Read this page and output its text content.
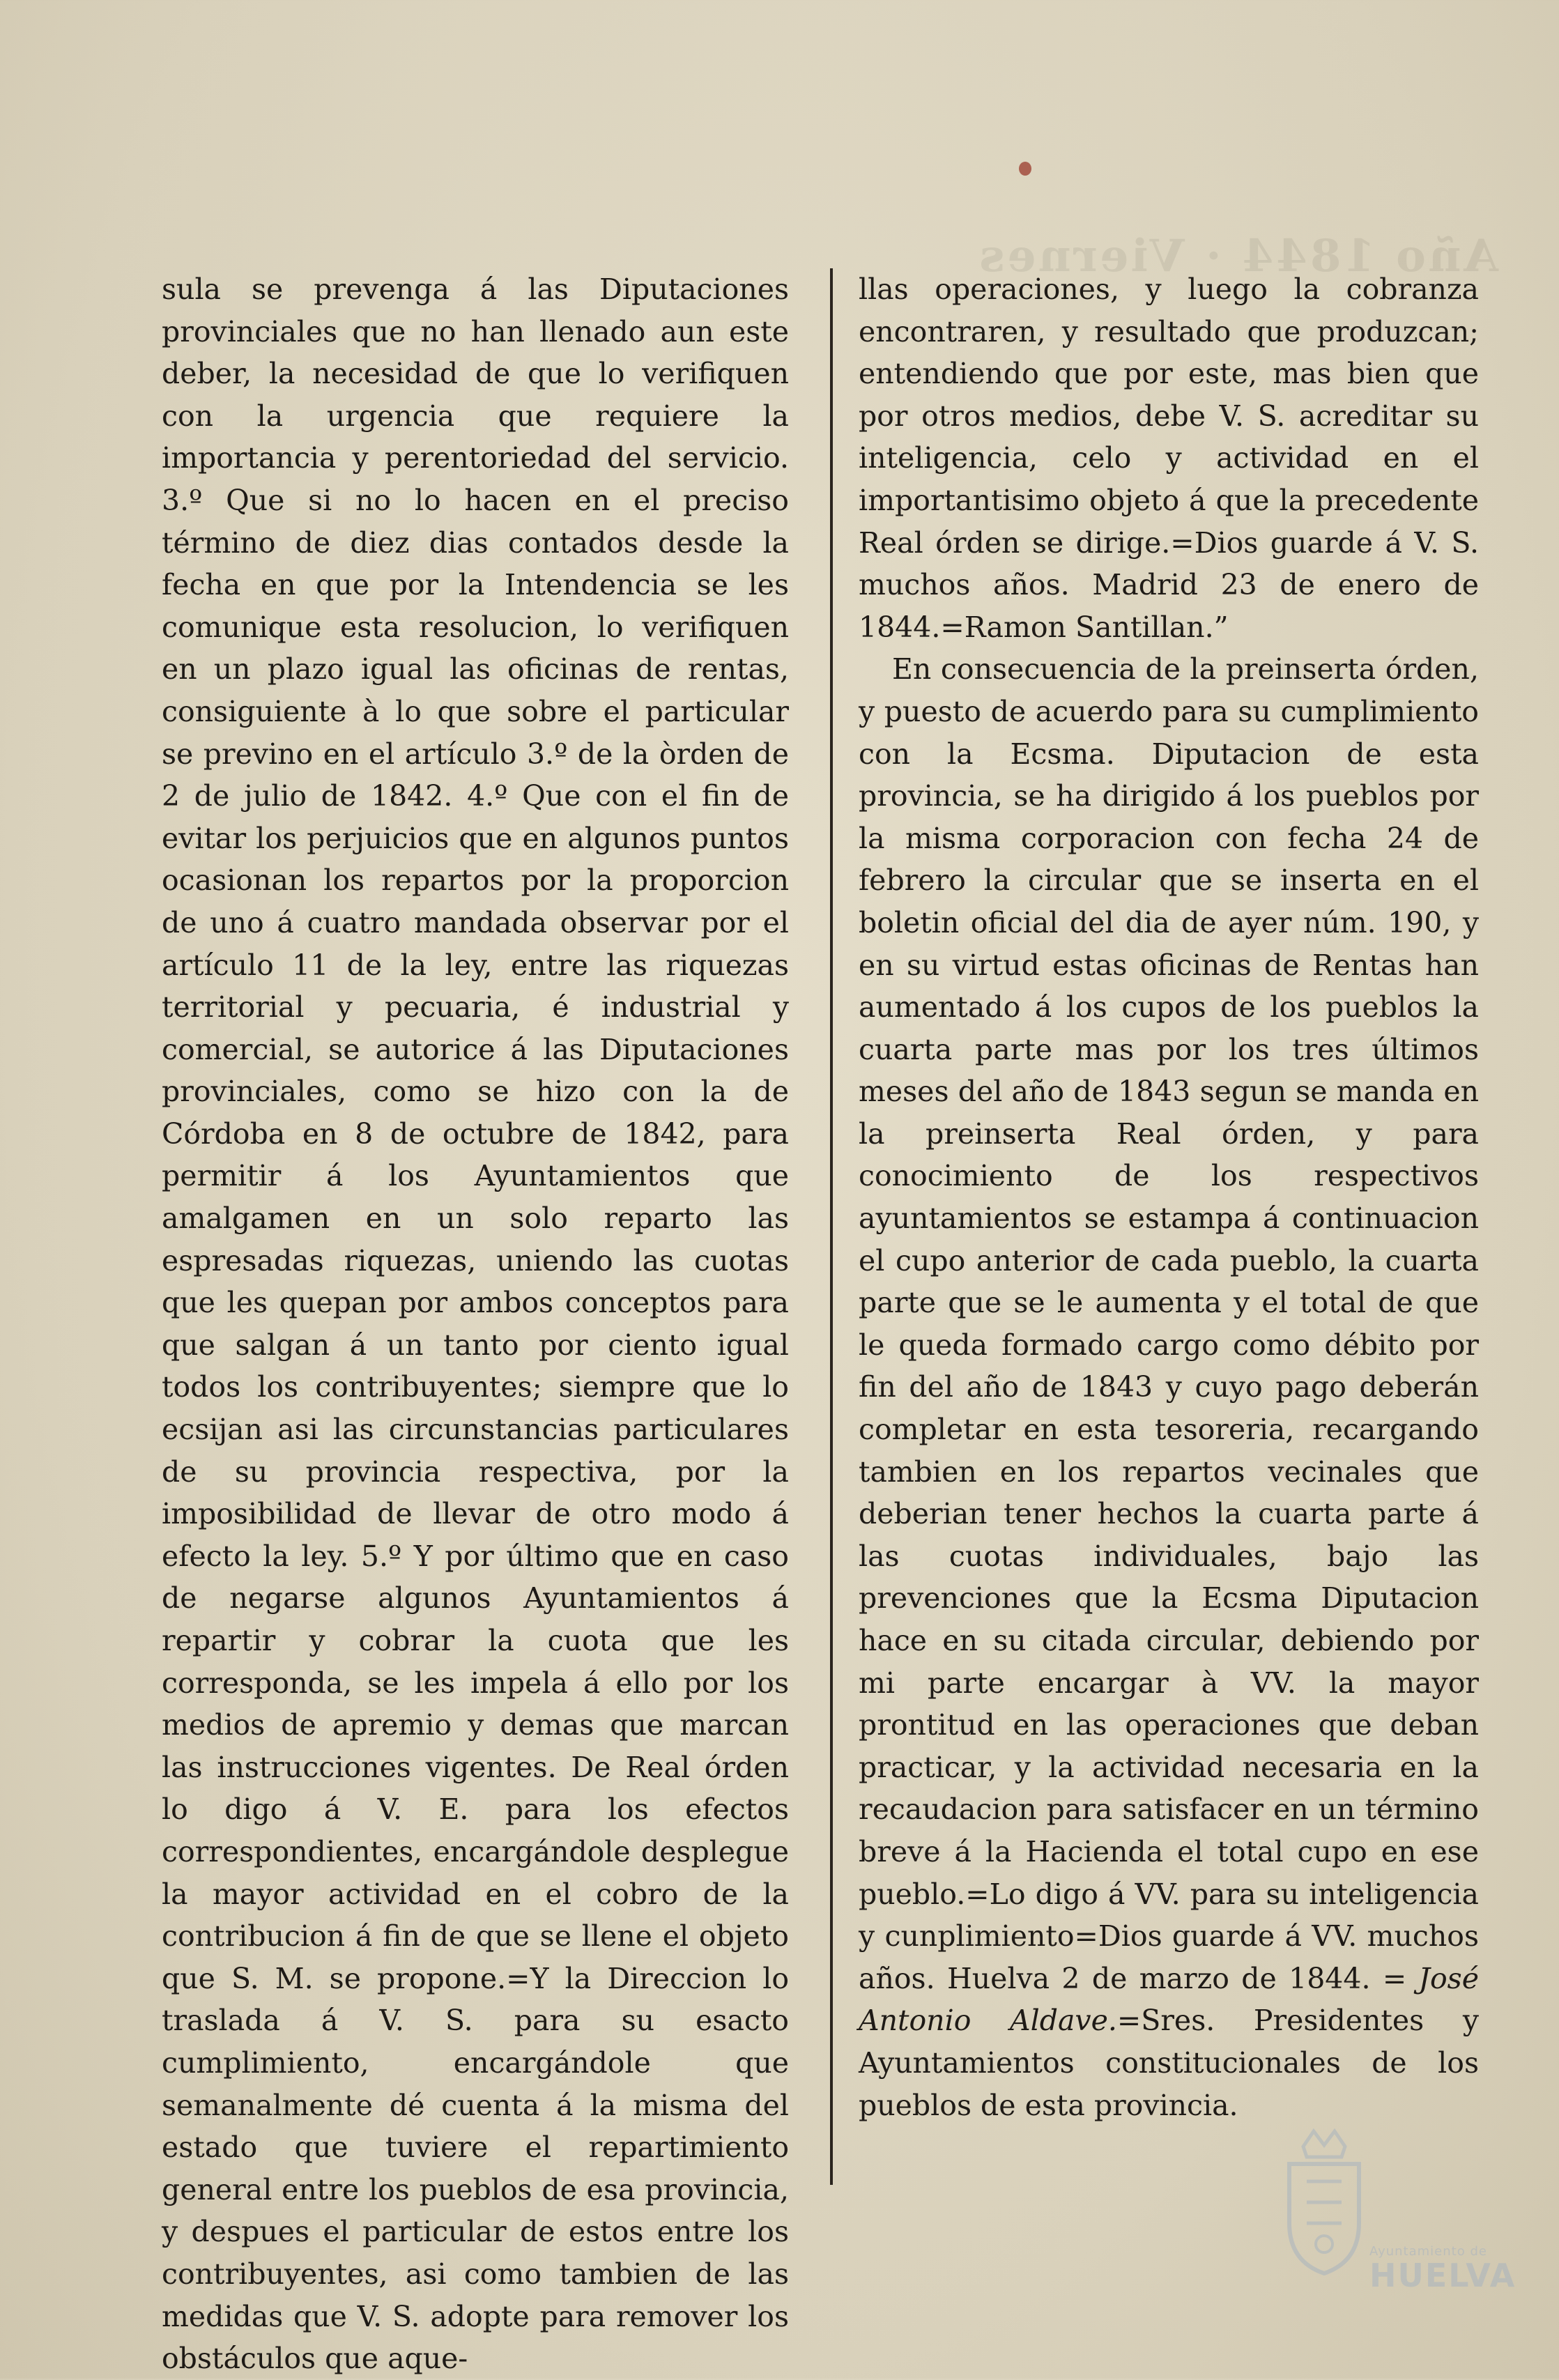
Año 1844 · Viernes

sula se prevenga á las Diputaciones provinciales que no han llenado aun este deber, la necesidad de que lo verifiquen con la urgencia que requiere la importancia y perentoriedad del servicio. 3.º Que si no lo hacen en el preciso término de diez dias contados desde la fecha en que por la Intendencia se les comunique esta resolucion, lo verifiquen en un plazo igual las oficinas de rentas, consiguiente à lo que sobre el particular se previno en el artículo 3.º de la òrden de 2 de julio de 1842. 4.º Que con el fin de evitar los perjuicios que en algunos puntos ocasionan los repartos por la proporcion de uno á cuatro mandada observar por el artículo 11 de la ley, entre las riquezas territorial y pecuaria, é industrial y comercial, se autorice á las Diputaciones provinciales, como se hizo con la de Córdoba en 8 de octubre de 1842, para permitir á los Ayuntamientos que amalgamen en un solo reparto las espresadas riquezas, uniendo las cuotas que les quepan por ambos conceptos para que salgan á un tanto por ciento igual todos los contribuyentes; siempre que lo ecsijan asi las circunstancias particulares de su provincia respectiva, por la imposibilidad de llevar de otro modo á efecto la ley. 5.º Y por último que en caso de negarse algunos Ayuntamientos á repartir y cobrar la cuota que les corresponda, se les impela á ello por los medios de apremio y demas que marcan las instrucciones vigentes. De Real órden lo digo á V. E. para los efectos correspondientes, encargándole desplegue la mayor actividad en el cobro de la contribucion á fin de que se llene el objeto que S. M. se propone.=Y la Direccion lo traslada á V. S. para su esacto cumplimiento, encargándole que semanalmente dé cuenta á la misma del estado que tuviere el repartimiento general entre los pueblos de esa provincia, y despues el particular de estos entre los contribuyentes, asi como tambien de las medidas que V. S. adopte para remover los obstáculos que aque-

llas operaciones, y luego la cobranza encontraren, y resultado que produzcan; entendiendo que por este, mas bien que por otros medios, debe V. S. acreditar su inteligencia, celo y actividad en el importantisimo objeto á que la precedente Real órden se dirige.=Dios guarde á V. S. muchos años. Madrid 23 de enero de 1844.=Ramon Santillan.”

En consecuencia de la preinserta órden, y puesto de acuerdo para su cumplimiento con la Ecsma. Diputacion de esta provincia, se ha dirigido á los pueblos por la misma corporacion con fecha 24 de febrero la circular que se inserta en el boletin oficial del dia de ayer núm. 190, y en su virtud estas oficinas de Rentas han aumentado á los cupos de los pueblos la cuarta parte mas por los tres últimos meses del año de 1843 segun se manda en la preinserta Real órden, y para conocimiento de los respectivos ayuntamientos se estampa á continuacion el cupo anterior de cada pueblo, la cuarta parte que se le aumenta y el total de que le queda formado cargo como débito por fin del año de 1843 y cuyo pago deberán completar en esta tesoreria, recargando tambien en los repartos vecinales que deberian tener hechos la cuarta parte á las cuotas individuales, bajo las prevenciones que la Ecsma Diputacion hace en su citada circular, debiendo por mi parte encargar à VV. la mayor prontitud en las operaciones que deban practicar, y la actividad necesaria en la recaudacion para satisfacer en un término breve á la Hacienda el total cupo en ese pueblo.=Lo digo á VV. para su inteligencia y cunplimiento=Dios guarde á VV. muchos años. Huelva 2 de marzo de 1844. = José Antonio Aldave.=Sres. Presidentes y Ayuntamientos constitucionales de los pueblos de esta provincia.

Ayuntamiento de
HUELVA
